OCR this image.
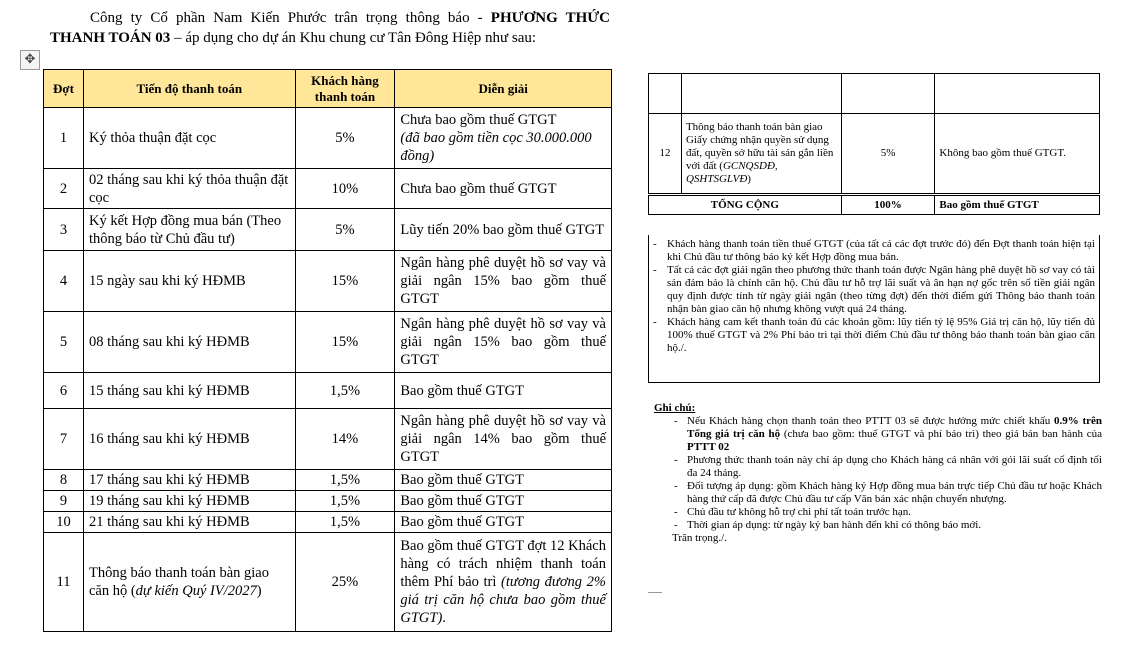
Công ty Cổ phần Nam Kiến Phước trân trọng thông báo - PHƯƠNG THỨC THANH TOÁN 03 – áp dụng cho dự án Khu chung cư Tân Đông Hiệp như sau:
✥
Đợt	Tiến độ thanh toán	Khách hàng thanh toán	Diễn giải
1	Ký thỏa thuận đặt cọc	5%	Chưa bao gồm thuế GTGT
(đã bao gồm tiền cọc 30.000.000 đồng)
2	02 tháng sau khi ký thỏa thuận đặt cọc	10%	Chưa bao gồm thuế GTGT
3	Ký kết Hợp đồng mua bán (Theo thông báo từ Chủ đầu tư)	5%	Lũy tiến 20% bao gồm thuế GTGT
4	15 ngày sau khi ký HĐMB	15%	Ngân hàng phê duyệt hồ sơ vay và giải ngân 15% bao gồm thuế GTGT
5	08 tháng sau khi ký HĐMB	15%	Ngân hàng phê duyệt hồ sơ vay và giải ngân 15% bao gồm thuế GTGT
6	15 tháng sau khi ký HĐMB	1,5%	Bao gồm thuế GTGT
7	16 tháng sau khi ký HĐMB	14%	Ngân hàng phê duyệt hồ sơ vay và giải ngân 14% bao gồm thuế GTGT
8	17 tháng sau khi ký HĐMB	1,5%	Bao gồm thuế GTGT
9	19 tháng sau khi ký HĐMB	1,5%	Bao gồm thuế GTGT
10	21 tháng sau khi ký HĐMB	1,5%	Bao gồm thuế GTGT
11	Thông báo thanh toán bàn giao căn hộ (dự kiến Quý IV/2027)	25%	Bao gồm thuế GTGT đợt 12 Khách hàng có trách nhiệm thanh toán thêm Phí bảo trì (tương đương 2% giá trị căn hộ chưa bao gồm thuế GTGT).

12	Thông báo thanh toán bàn giao Giấy chứng nhận quyền sử dụng đất, quyền sở hữu tài sản gắn liền với đất (GCNQSDĐ, QSHTSGLVĐ)	5%	Không bao gồm thuế GTGT.
TỔNG CỘNG		100%	Bao gồm thuế GTGT
- Khách hàng thanh toán tiền thuế GTGT (của tất cả các đợt trước đó) đến Đợt thanh toán hiện tại khi Chủ đầu tư thông báo ký kết Hợp đồng mua bán.
- Tất cả các đợt giải ngân theo phương thức thanh toán được Ngân hàng phê duyệt hồ sơ vay có tài sản đảm bảo là chính căn hộ. Chủ đầu tư hỗ trợ lãi suất và ân hạn nợ gốc trên số tiền giải ngân quy định được tính từ ngày giải ngân (theo từng đợt) đến thời điểm gửi Thông báo thanh toán nhận bàn giao căn hộ nhưng không vượt quá 24 tháng.
- Khách hàng cam kết thanh toán đủ các khoản gồm: lũy tiến tỷ lệ 95% Giá trị căn hộ, lũy tiến đủ 100% thuế GTGT và 2% Phí bảo trì tại thời điểm Chủ đầu tư thông báo thanh toán bàn giao căn hộ./.
Ghi chú:
- Nếu Khách hàng chọn thanh toán theo PTTT 03 sẽ được hưởng mức chiết khấu 0.9% trên Tổng giá trị căn hộ (chưa bao gồm: thuế GTGT và phí bảo trì) theo giá bán ban hành của PTTT 02
- Phương thức thanh toán này chỉ áp dụng cho Khách hàng cá nhân với gói lãi suất cố định tối đa 24 tháng.
- Đối tượng áp dụng: gồm Khách hàng ký Hợp đồng mua bán trực tiếp Chủ đầu tư hoặc Khách hàng thứ cấp đã được Chủ đầu tư cấp Văn bản xác nhận chuyển nhượng.
- Chủ đầu tư không hỗ trợ chi phí tất toán trước hạn.
- Thời gian áp dụng: từ ngày ký ban hành đến khi có thông báo mới.
Trân trọng./.
